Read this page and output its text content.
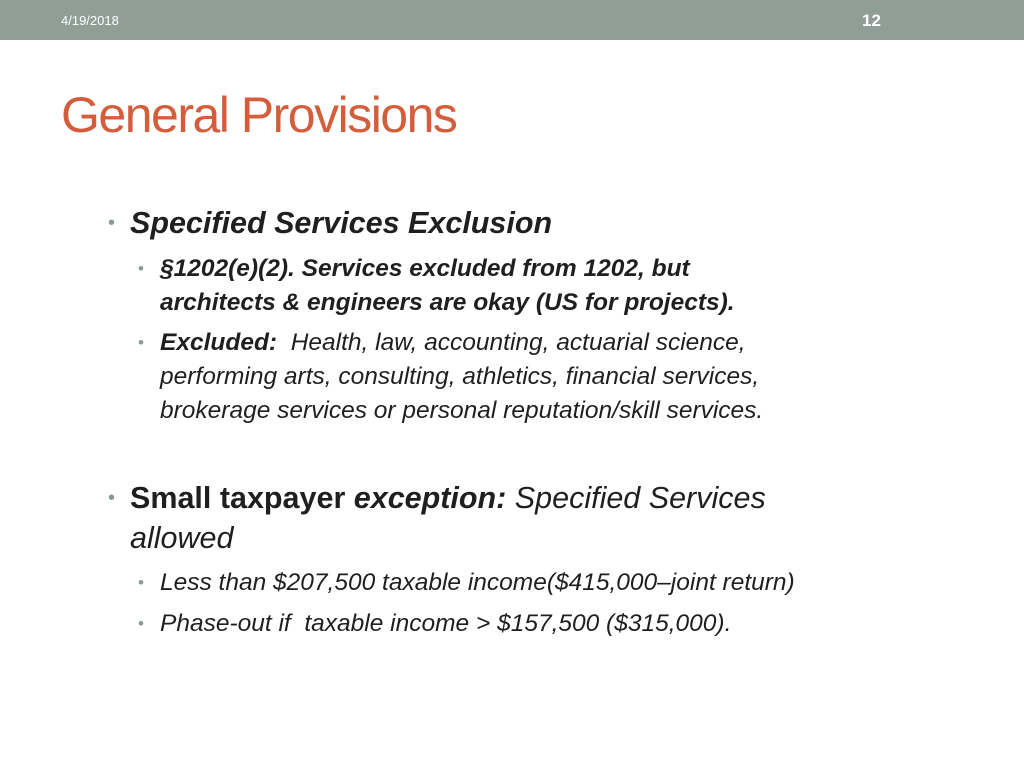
4/19/2018	12
General Provisions
• Specified Services Exclusion
• §1202(e)(2). Services excluded from 1202, but
architects & engineers are okay (US for projects).
• Excluded:  Health, law, accounting, actuarial science,
performing arts, consulting, athletics, financial services,
brokerage services or personal reputation/skill services.
• Small taxpayer exception: Specified Services
allowed
• Less than $207,500 taxable income($415,000–joint return)
• Phase-out if  taxable income > $157,500 ($315,000).
